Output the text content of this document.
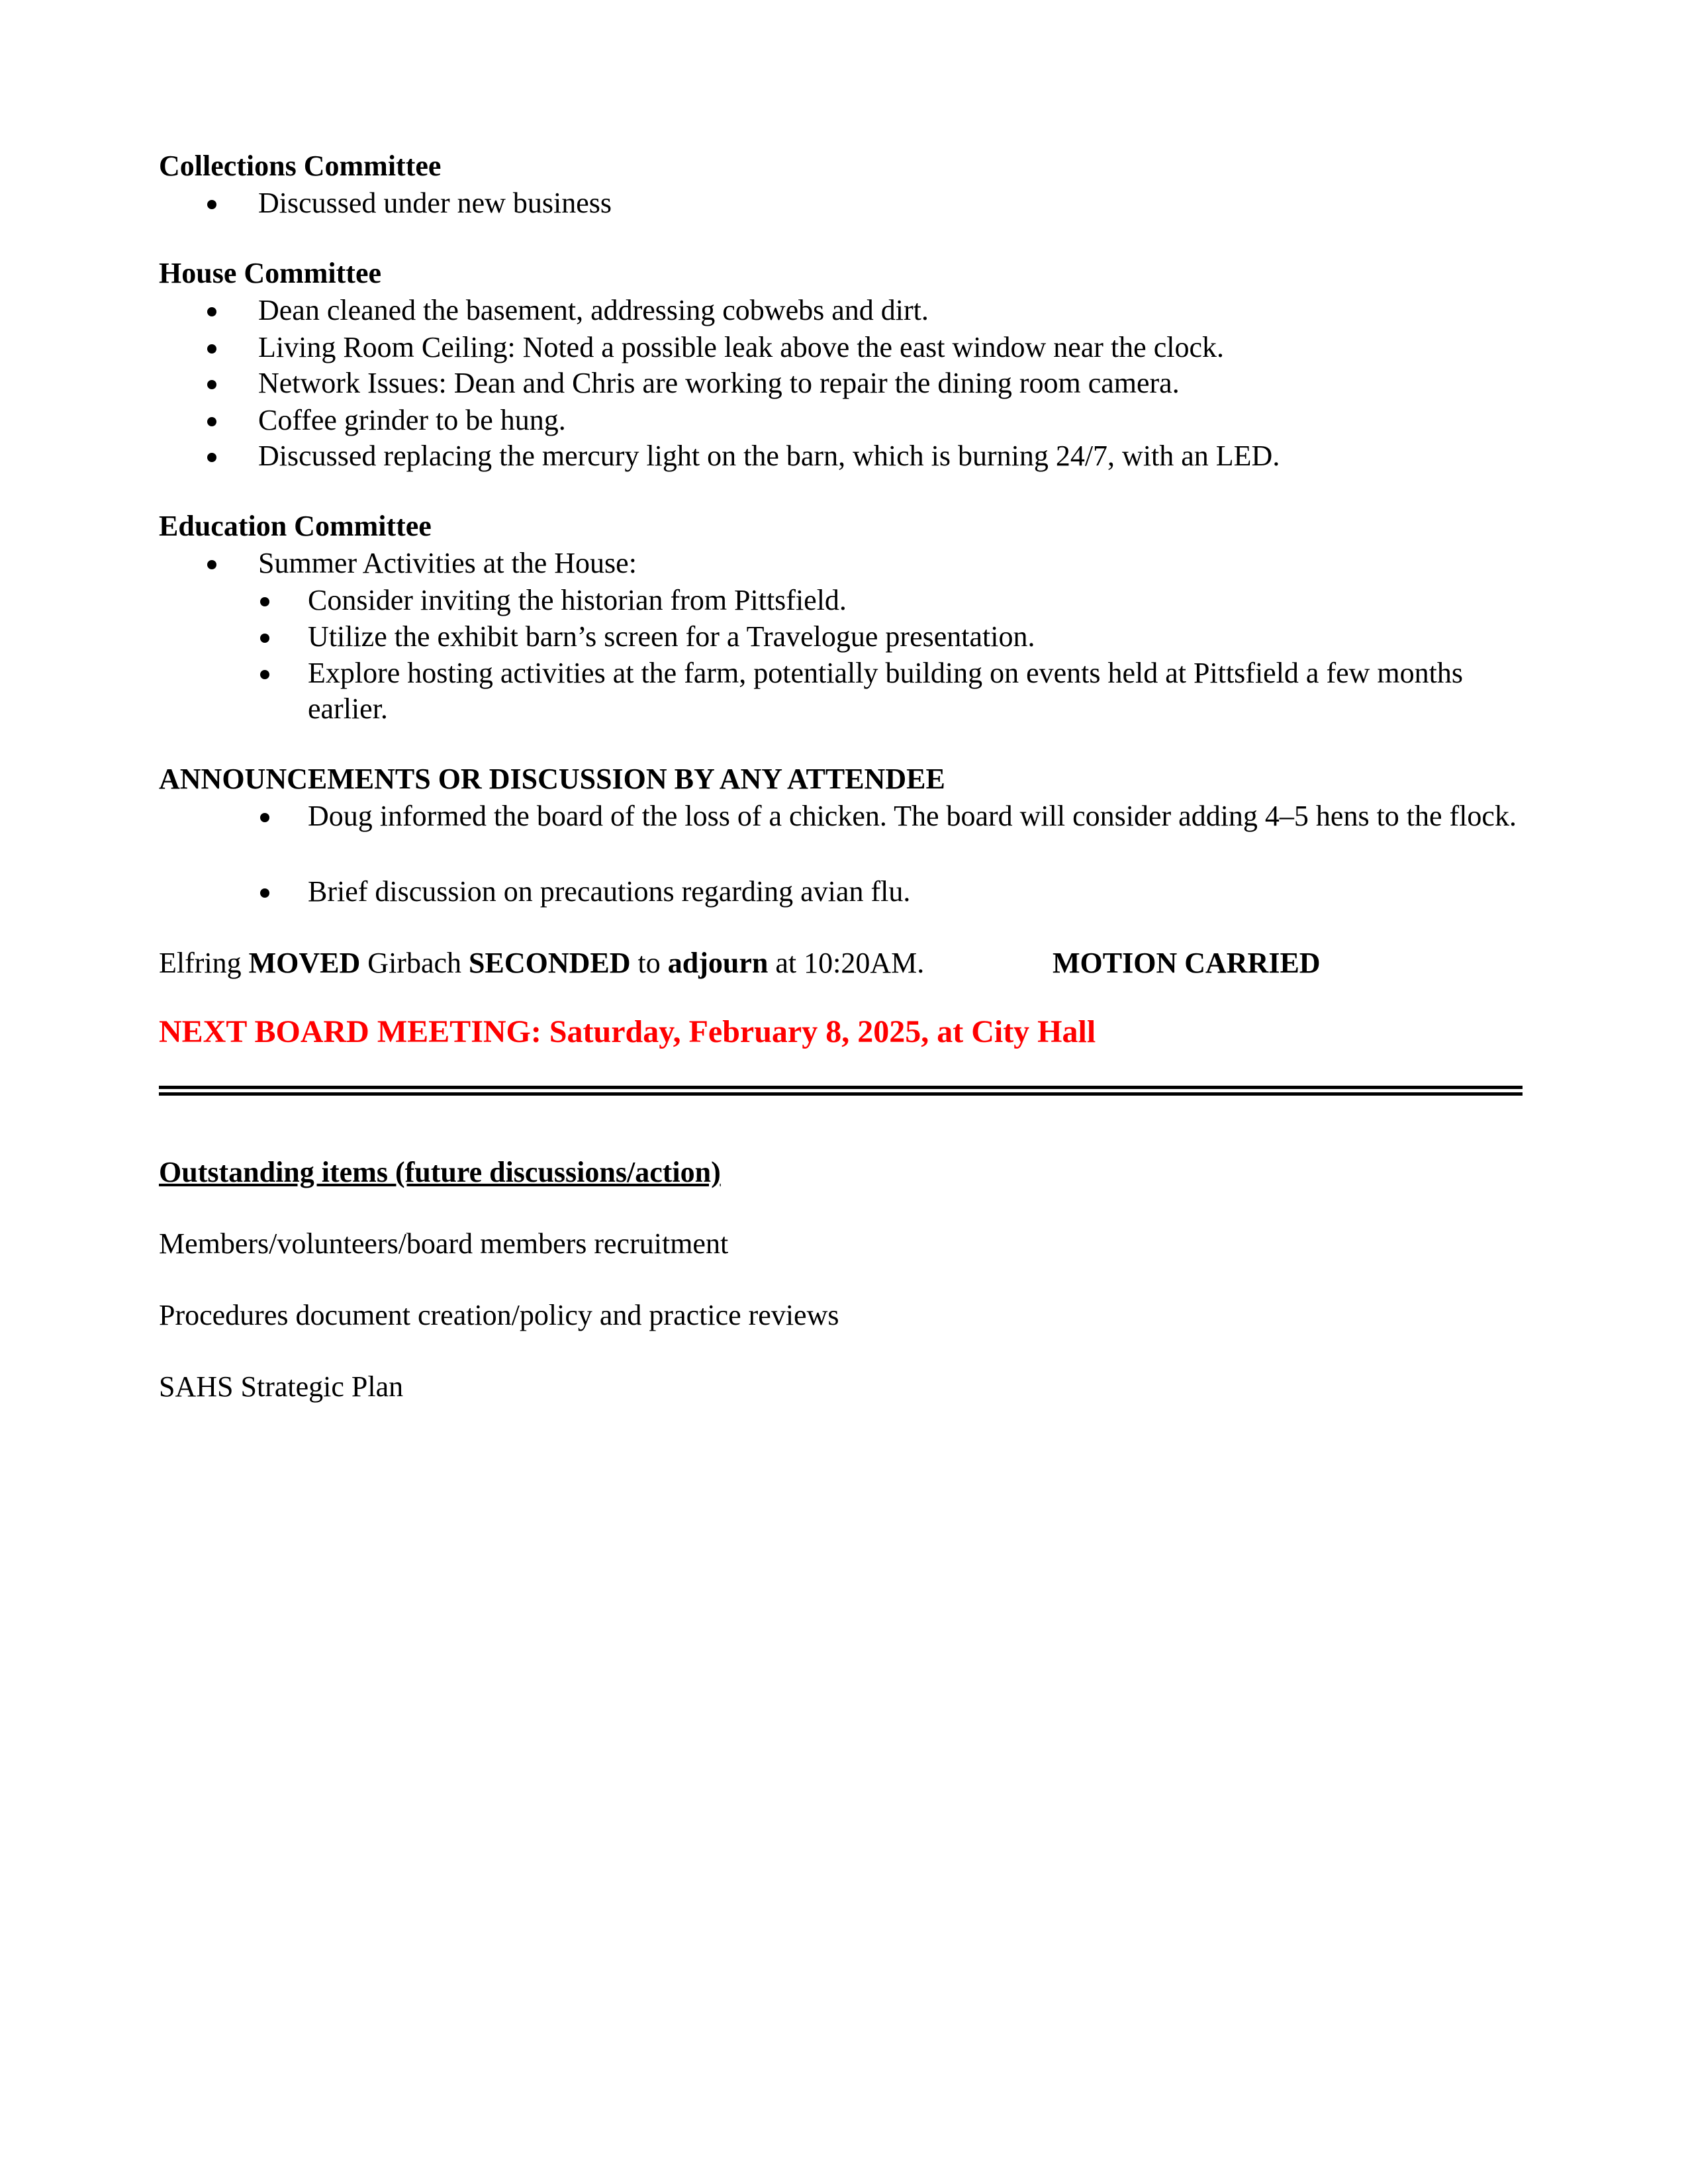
Collections Committee
Discussed under new business
House Committee
Dean cleaned the basement, addressing cobwebs and dirt.
Living Room Ceiling: Noted a possible leak above the east window near the clock.
Network Issues: Dean and Chris are working to repair the dining room camera.
Coffee grinder to be hung.
Discussed replacing the mercury light on the barn, which is burning 24/7, with an LED.
Education Committee
Summer Activities at the House:
Consider inviting the historian from Pittsfield.
Utilize the exhibit barn’s screen for a Travelogue presentation.
Explore hosting activities at the farm, potentially building on events held at Pittsfield a few months earlier.
ANNOUNCEMENTS OR DISCUSSION BY ANY ATTENDEE
Doug informed the board of the loss of a chicken. The board will consider adding 4–5 hens to the flock.
Brief discussion on precautions regarding avian flu.
Elfring MOVED Girbach SECONDED to adjourn at 10:20AM.	MOTION CARRIED
NEXT BOARD MEETING: Saturday, February 8, 2025, at City Hall
Outstanding items (future discussions/action)
Members/volunteers/board members recruitment
Procedures document creation/policy and practice reviews
SAHS Strategic Plan
